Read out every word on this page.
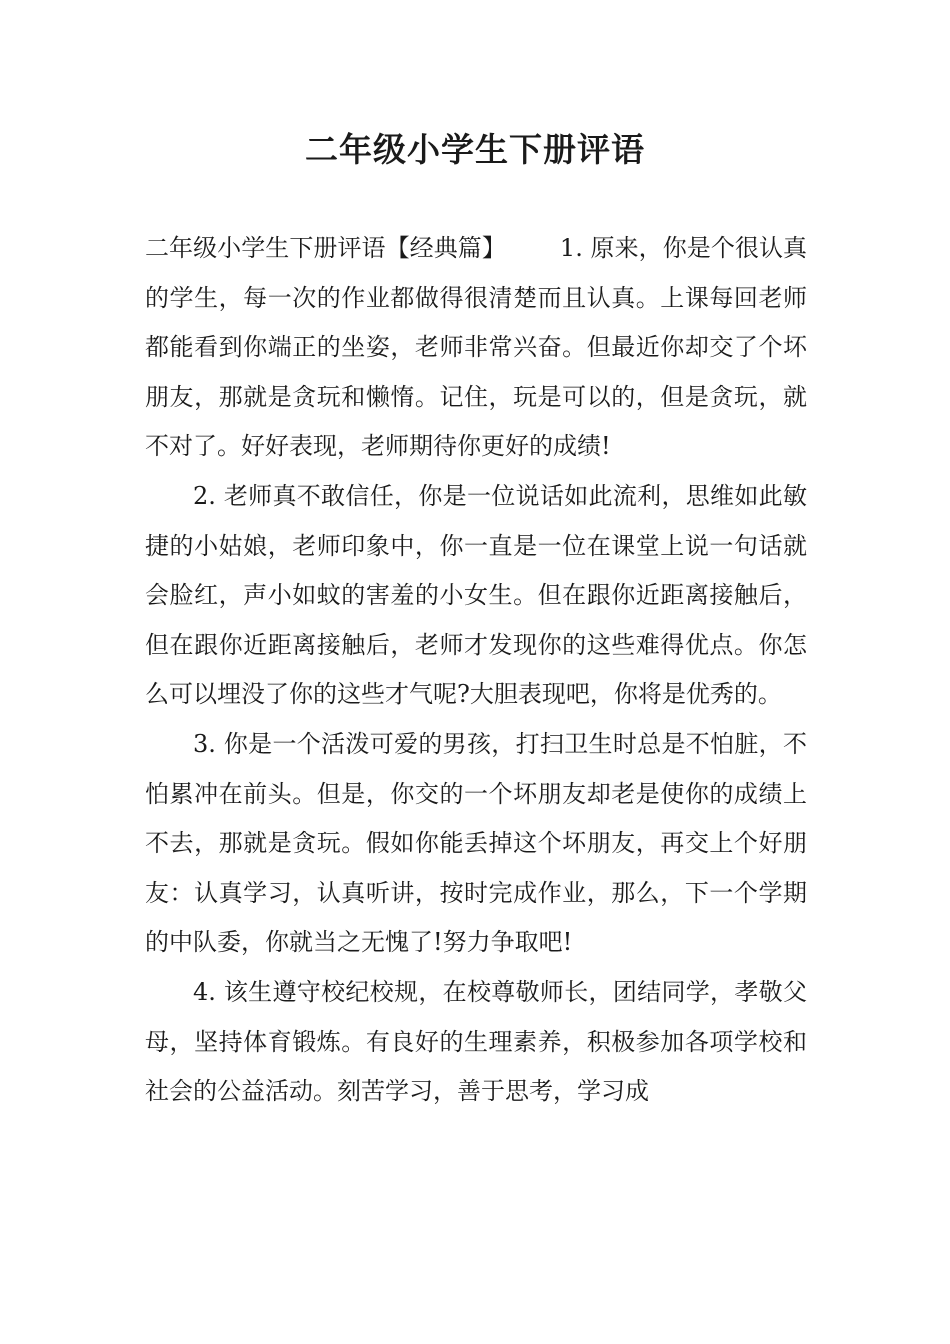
二年级小学生下册评语

二年级小学生下册评语【经典篇】 1. 原来，你是个很认真的学生，每一次的作业都做得很清楚而且认真。上课每回老师都能看到你端正的坐姿，老师非常兴奋。但最近你却交了个坏朋友，那就是贪玩和懒惰。记住，玩是可以的，但是贪玩，就不对了。好好表现，老师期待你更好的成绩!

2. 老师真不敢信任，你是一位说话如此流利，思维如此敏捷的小姑娘，老师印象中，你一直是一位在课堂上说一句话就会脸红，声小如蚊的害羞的小女生。但在跟你近距离接触后，但在跟你近距离接触后，老师才发现你的这些难得优点。你怎么可以埋没了你的这些才气呢?大胆表现吧，你将是优秀的。

3. 你是一个活泼可爱的男孩，打扫卫生时总是不怕脏，不怕累冲在前头。但是，你交的一个坏朋友却老是使你的成绩上不去，那就是贪玩。假如你能丢掉这个坏朋友，再交上个好朋友：认真学习，认真听讲，按时完成作业，那么，下一个学期的中队委，你就当之无愧了!努力争取吧!

4. 该生遵守校纪校规，在校尊敬师长，团结同学，孝敬父母，坚持体育锻炼。有良好的生理素养，积极参加各项学校和社会的公益活动。刻苦学习，善于思考，学习成
